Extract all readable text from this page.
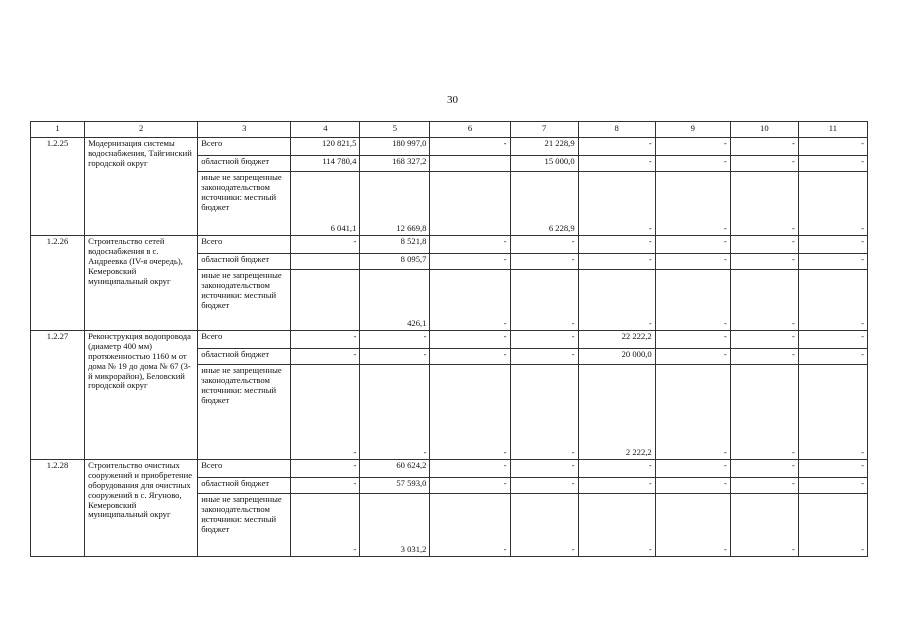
30
1	2	3	4	5	6	7	8	9	10	11
1.2.25	Модернизация системы водоснабжения, Тайгинский городской округ	Всего	120 821,5	180 997,0	-	21 228,9	-	-	-	-
		областной бюджет	114 780,4	168 327,2		15 000,0	-	-	-	-
		иные не запрещенные законодательством источники: местный бюджет	6 041,1	12 669,8		6 228,9	-	-	-	-
1.2.26	Строительство сетей водоснабжения в с. Андреевка (IV-я очередь), Кемеровский муниципальный округ	Всего	-	8 521,8	-	-	-	-	-	-
		областной бюджет		8 095,7	-	-	-	-	-	-
		иные не запрещенные законодательством источники: местный бюджет		426,1	-	-	-	-	-	-
1.2.27	Реконструкция водопровода (диаметр 400 мм) протяженностью 1160 м от дома № 19 до дома № 67 (3-й микрорайон), Беловский городской округ	Всего	-	-	-	-	22 222,2	-	-	-
		областной бюджет	-	-	-	-	20 000,0	-	-	-
		иные не запрещенные законодательством источники: местный бюджет	-	-	-	-	2 222,2	-	-	-
1.2.28	Строительство очистных сооружений и приобретение оборудования для очистных сооружений в с. Ягуново, Кемеровский муниципальный округ	Всего	-	60 624,2	-	-	-	-	-	-
		областной бюджет	-	57 593,0	-	-	-	-	-	-
		иные не запрещенные законодательством источники: местный бюджет	-	3 031,2	-	-	-	-	-	-
